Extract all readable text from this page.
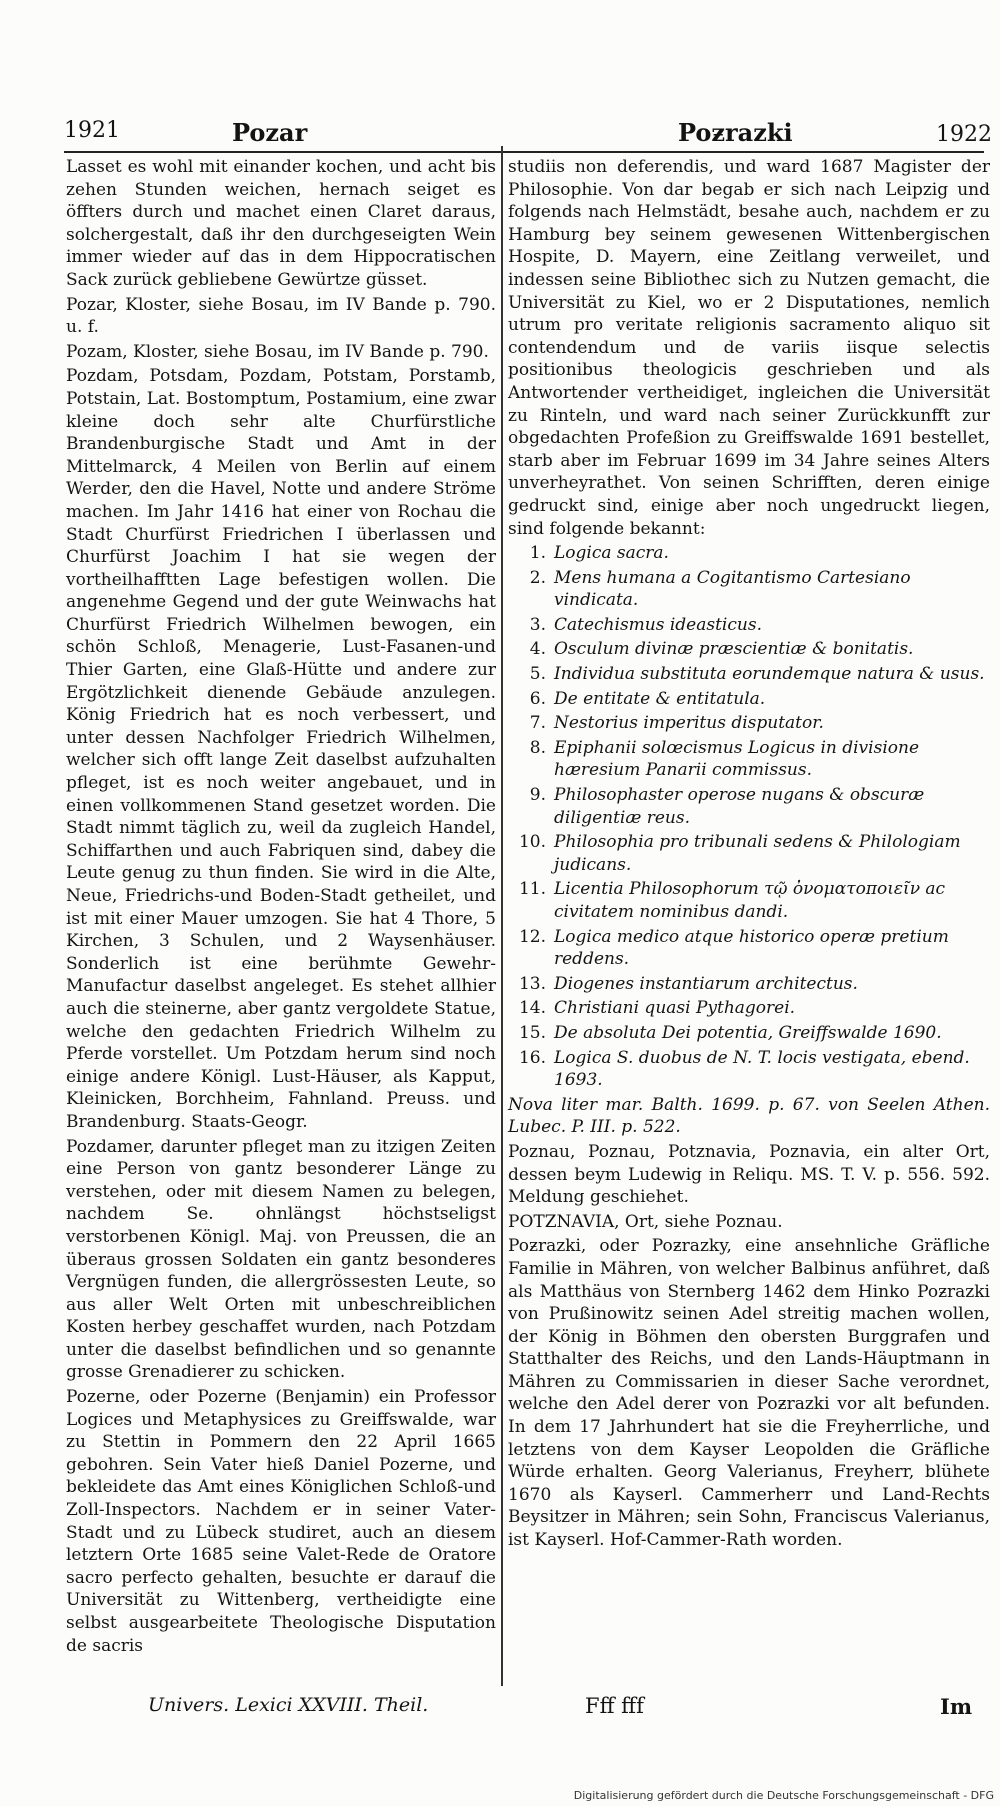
1921	Pozar	Poƶrazki	1922

Lasset es wohl mit einander kochen, und acht bis zehen Stunden weichen, hernach seiget es öffters durch und machet einen Claret daraus, solchergestalt, daß ihr den durchgeseigten Wein immer wieder auf das in dem Hippocratischen Sack zurück gebliebene Gewürtze güsset.

Pozar, Kloster, siehe Bosau, im IV Bande p. 790. u. f.

Pozam, Kloster, siehe Bosau, im IV Bande p. 790.

Pozdam, Potsdam, Pozdam, Potstam, Porstamb, Potstain, Lat. Bostomptum, Postamium, eine zwar kleine doch sehr alte Churfürstliche Brandenburgische Stadt und Amt in der Mittelmarck, 4 Meilen von Berlin auf einem Werder, den die Havel, Notte und andere Ströme machen. Im Jahr 1416 hat einer von Rochau die Stadt Churfürst Friedrichen I überlassen und Churfürst Joachim I hat sie wegen der vortheilhafftten Lage befestigen wollen. Die angenehme Gegend und der gute Weinwachs hat Churfürst Friedrich Wilhelmen bewogen, ein schön Schloß, Menagerie, Lust-Fasanen-und Thier Garten, eine Glaß-Hütte und andere zur Ergötzlichkeit dienende Gebäude anzulegen. König Friedrich hat es noch verbessert, und unter dessen Nachfolger Friedrich Wilhelmen, welcher sich offt lange Zeit daselbst aufzuhalten pfleget, ist es noch weiter angebauet, und in einen vollkommenen Stand gesetzet worden. Die Stadt nimmt täglich zu, weil da zugleich Handel, Schiffarthen und auch Fabriquen sind, dabey die Leute genug zu thun finden. Sie wird in die Alte, Neue, Friedrichs-und Boden-Stadt getheilet, und ist mit einer Mauer umzogen. Sie hat 4 Thore, 5 Kirchen, 3 Schulen, und 2 Waysenhäuser. Sonderlich ist eine berühmte Gewehr-Manufactur daselbst angeleget. Es stehet allhier auch die steinerne, aber gantz vergoldete Statue, welche den gedachten Friedrich Wilhelm zu Pferde vorstellet. Um Potzdam herum sind noch einige andere Königl. Lust-Häuser, als Kapput, Kleinicken, Borchheim, Fahnland. Preuss. und Brandenburg. Staats-Geogr.

Pozdamer, darunter pfleget man zu itzigen Zeiten eine Person von gantz besonderer Länge zu verstehen, oder mit diesem Namen zu belegen, nachdem Se. ohnlängst höchstseligst verstorbenen Königl. Maj. von Preussen, die an überaus grossen Soldaten ein gantz besonderes Vergnügen funden, die allergrössesten Leute, so aus aller Welt Orten mit unbeschreiblichen Kosten herbey geschaffet wurden, nach Potzdam unter die daselbst befindlichen und so genannte grosse Grenadierer zu schicken.

Pozerne, oder Pozerne (Benjamin) ein Professor Logices und Metaphysices zu Greiffswalde, war zu Stettin in Pommern den 22 April 1665 gebohren. Sein Vater hieß Daniel Pozerne, und bekleidete das Amt eines Königlichen Schloß-und Zoll-Inspectors. Nachdem er in seiner Vater-Stadt und zu Lübeck studiret, auch an diesem letztern Orte 1685 seine Valet-Rede de Oratore sacro perfecto gehalten, besuchte er darauf die Universität zu Wittenberg, vertheidigte eine selbst ausgearbeitete Theologische Disputation de sacris

studiis non deferendis, und ward 1687 Magister der Philosophie. Von dar begab er sich nach Leipzig und folgends nach Helmstädt, besahe auch, nachdem er zu Hamburg bey seinem gewesenen Wittenbergischen Hospite, D. Mayern, eine Zeitlang verweilet, und indessen seine Bibliothec sich zu Nutzen gemacht, die Universität zu Kiel, wo er 2 Disputationes, nemlich utrum pro veritate religionis sacramento aliquo sit contendendum und de variis iisque selectis positionibus theologicis geschrieben und als Antwortender vertheidiget, ingleichen die Universität zu Rinteln, und ward nach seiner Zurückkunfft zur obgedachten Profeßion zu Greiffswalde 1691 bestellet, starb aber im Februar 1699 im 34 Jahre seines Alters unverheyrathet. Von seinen Schrifften, deren einige gedruckt sind, einige aber noch ungedruckt liegen, sind folgende bekannt:

1. Logica sacra.
2. Mens humana a Cogitantismo Cartesiano vindicata.
3. Catechismus ideasticus.
4. Osculum divinæ præscientiæ & bonitatis.
5. Individua substituta eorundemque natura & usus.
6. De entitate & entitatula.
7. Nestorius imperitus disputator.
8. Epiphanii solœcismus Logicus in divisione hæresium Panarii commissus.
9. Philosophaster operose nugans & obscuræ diligentiæ reus.
10. Philosophia pro tribunali sedens & Philologiam judicans.
11. Licentia Philosophorum τῷ ὀνοματοποιεῖν ac civitatem nominibus dandi.
12. Logica medico atque historico operæ pretium reddens.
13. Diogenes instantiarum architectus.
14. Christiani quasi Pythagorei.
15. De absoluta Dei potentia, Greiffswalde 1690.
16. Logica S. duobus de N. T. locis vestigata, ebend. 1693.

Nova liter mar. Balth. 1699. p. 67. von Seelen Athen. Lubec. P. III. p. 522.

Poznau, Poznau, Potznavia, Poznavia, ein alter Ort, dessen beym Ludewig in Reliqu. MS. T. V. p. 556. 592. Meldung geschiehet.

POTZNAVIA, Ort, siehe Poznau.

Poƶrazki, oder Poƶrazky, eine ansehnliche Gräfliche Familie in Mähren, von welcher Balbinus anführet, daß als Matthäus von Sternberg 1462 dem Hinko Poƶrazki von Prußinowitz seinen Adel streitig machen wollen, der König in Böhmen den obersten Burggrafen und Statthalter des Reichs, und den Lands-Häuptmann in Mähren zu Commissarien in dieser Sache verordnet, welche den Adel derer von Poƶrazki vor alt befunden. In dem 17 Jahrhundert hat sie die Freyherrliche, und letztens von dem Kayser Leopolden die Gräfliche Würde erhalten. Georg Valerianus, Freyherr, blühete 1670 als Kayserl. Cammerherr und Land-Rechts Beysitzer in Mähren; sein Sohn, Franciscus Valerianus, ist Kayserl. Hof-Cammer-Rath worden.

Univers. Lexici XXVIII. Theil.	Fff fff	Im
Digitalisierung gefördert durch die Deutsche Forschungsgemeinschaft - DFG
